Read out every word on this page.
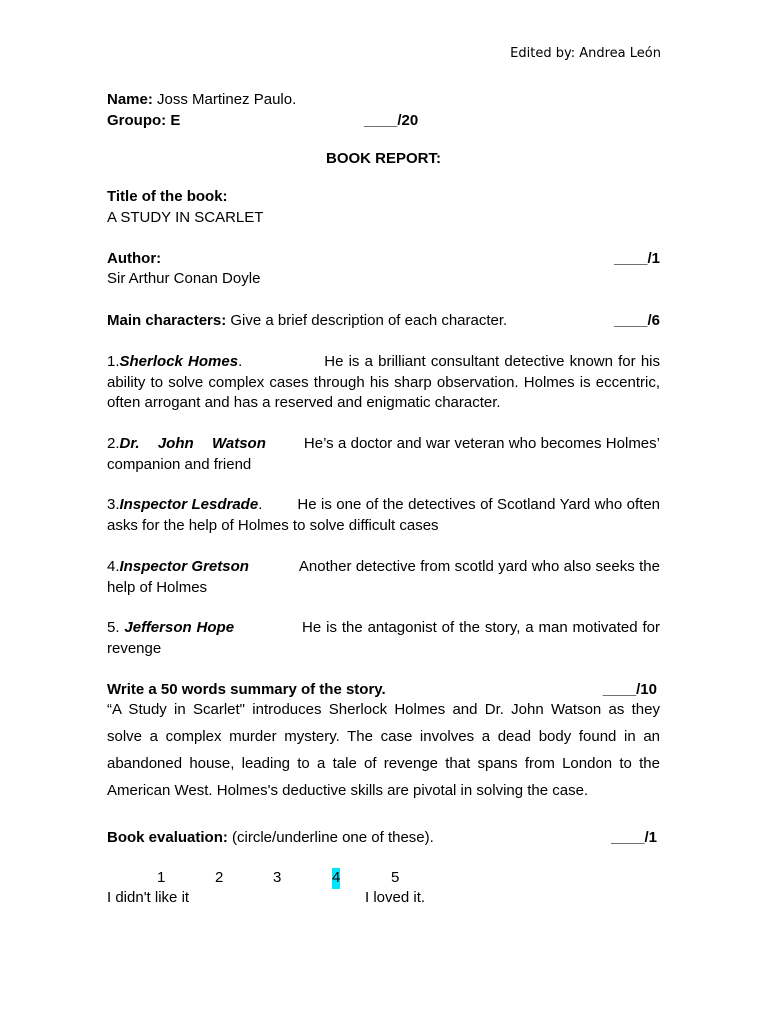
Edited by: Andrea León
Name: Joss Martinez Paulo.
Groupo: E	____/20
BOOK REPORT:
Title of the book:
A STUDY IN SCARLET
Author:	____/1
Sir Arthur Conan Doyle
Main characters: Give a brief description of each character.	____/6
1.Sherlock Homes.	He is a brilliant consultant detective known for his ability to solve complex cases through his sharp observation. Holmes is eccentric, often arrogant and has a reserved and enigmatic character.
2.Dr. John Watson	He’s a doctor and war veteran who becomes Holmes’ companion and friend
3.Inspector Lesdrade. He is one of the detectives of Scotland Yard who often asks for the help of Holmes to solve difficult cases
4.Inspector Gretson	Another detective from scotld yard who also seeks the help of Holmes
5. Jefferson Hope	He is the antagonist of the story, a man motivated for revenge
Write a 50 words summary of the story.	____/10
“A Study in Scarlet" introduces Sherlock Holmes and Dr. John Watson as they solve a complex murder mystery. The case involves a dead body found in an abandoned house, leading to a tale of revenge that spans from London to the American West. Holmes's deductive skills are pivotal in solving the case.
Book evaluation: (circle/underline one of these).	____/1
1	2	3	4	5
I didn't like it	I loved it.
